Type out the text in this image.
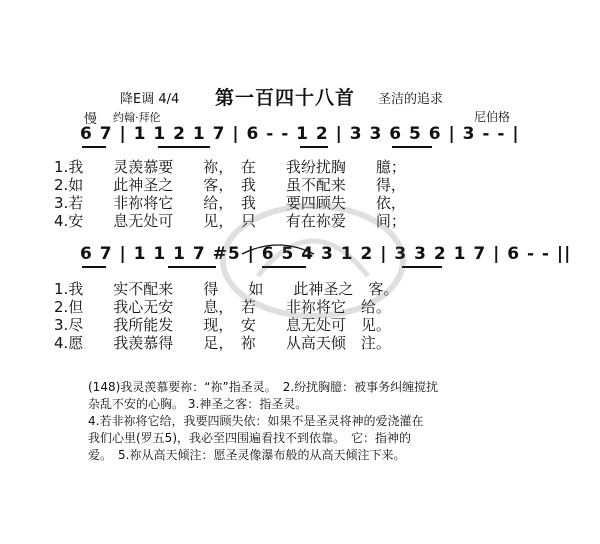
降E调 4/4 第一百四十八首 圣洁的追求
慢 约翰·拜伦	尼伯格
6 7 | 1 1 2 1 7 | 6 - - 1 2 | 3 3 6 5 6 | 3 - - |
1.我　　灵羡慕要　　祢，　在　　我纷扰胸　　臆；
2.如　　此神圣之　　客，　我　　虽不配来　　得，
3.若　　非祢将它　　给，　我　　要四顾失　　依，
4.安　　息无处可　　见，　只　　有在祢爱　　间；
6 7 | 1 1 1 7 #5 | 6 5 4 3 1 2 | 3 3 2 1 7 | 6 - - ||
1.我　　实不配来　　得　　如　　此神圣之　客。
2.但　　我心无安　　息，　若　　非祢将它　给。
3.尽　　我所能发　　现，　安　　息无处可　见。
4.愿　　我羡慕得　　足，　祢　　从高天倾　注。
(148)我灵羡慕要祢：“祢”指圣灵。　2.纷扰胸臆：被事务纠缠搅扰
杂乱不安的心胸。 3.神圣之客：指圣灵。
4.若非祢将它给，我要四顾失依：如果不是圣灵将神的爱浇灌在
我们心里(罗五5)，我必至四围遍看找不到依靠。　它：指神的
爱。　5.祢从高天倾注：愿圣灵像瀑布般的从高天倾注下来。
